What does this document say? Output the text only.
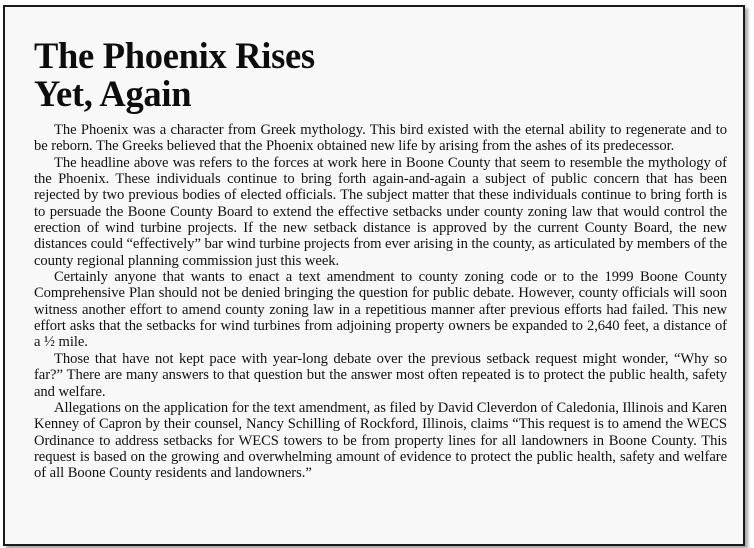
The Phoenix Rises
Yet, Again

The Phoenix was a character from Greek mythology. This bird existed with the eternal ability to regenerate and to be reborn. The Greeks believed that the Phoenix obtained new life by arising from the ashes of its predecessor.

The headline above was refers to the forces at work here in Boone County that seem to resemble the mythology of the Phoenix. These individuals continue to bring forth again-and-again a subject of public concern that has been rejected by two previous bodies of elected officials. The subject matter that these individuals continue to bring forth is to persuade the Boone County Board to extend the effective setbacks under county zoning law that would control the erection of wind turbine projects. If the new setback distance is approved by the current County Board, the new distances could “effectively” bar wind turbine projects from ever arising in the county, as articulated by members of the county regional planning commission just this week.

Certainly anyone that wants to enact a text amendment to county zoning code or to the 1999 Boone County Comprehensive Plan should not be denied bringing the question for public debate. However, county officials will soon witness another effort to amend county zoning law in a repetitious manner after previous efforts had failed. This new effort asks that the setbacks for wind turbines from adjoining property owners be expanded to 2,640 feet, a distance of a ½ mile.

Those that have not kept pace with year-long debate over the previous setback request might wonder, “Why so far?” There are many answers to that question but the answer most often repeated is to protect the public health, safety and welfare.

Allegations on the application for the text amendment, as filed by David Cleverdon of Caledonia, Illinois and Karen Kenney of Capron by their counsel, Nancy Schilling of Rockford, Illinois, claims “This request is to amend the WECS Ordinance to address setbacks for WECS towers to be from property lines for all landowners in Boone County. This request is based on the growing and overwhelming amount of evidence to protect the public health, safety and welfare of all Boone County residents and landowners.”
